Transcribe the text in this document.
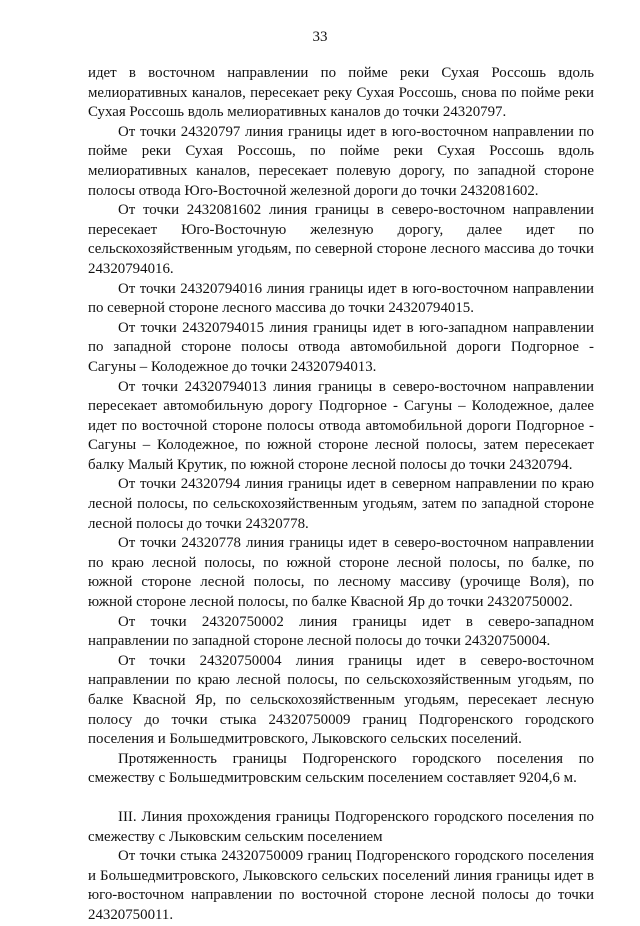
33

идет в восточном направлении по пойме реки Сухая Россошь вдоль мелиоративных каналов, пересекает реку Сухая Россошь, снова по пойме реки Сухая Россошь вдоль мелиоративных каналов до точки 24320797.

От точки 24320797 линия границы идет в юго-восточном направлении по пойме реки Сухая Россошь, по пойме реки Сухая Россошь вдоль мелиоративных каналов, пересекает полевую дорогу, по западной стороне полосы отвода Юго-Восточной железной дороги до точки 2432081602.

От точки 2432081602 линия границы в северо-восточном направлении пересекает Юго-Восточную железную дорогу, далее идет по сельскохозяйственным угодьям, по северной стороне лесного массива до точки 24320794016.

От точки 24320794016 линия границы идет в юго-восточном направлении по северной стороне лесного массива до точки 24320794015.

От точки 24320794015 линия границы идет в юго-западном направлении по западной стороне полосы отвода автомобильной дороги Подгорное - Сагуны – Колодежное до точки 24320794013.

От точки 24320794013 линия границы в северо-восточном направлении пересекает автомобильную дорогу Подгорное - Сагуны – Колодежное, далее идет по восточной стороне полосы отвода автомобильной дороги Подгорное - Сагуны – Колодежное, по южной стороне лесной полосы, затем пересекает балку Малый Крутик, по южной стороне лесной полосы до точки 24320794.

От точки 24320794 линия границы идет в северном направлении по краю лесной полосы, по сельскохозяйственным угодьям, затем по западной стороне лесной полосы до точки 24320778.

От точки 24320778 линия границы идет в северо-восточном направлении по краю лесной полосы, по южной стороне лесной полосы, по балке, по южной стороне лесной полосы, по лесному массиву (урочище Воля), по южной стороне лесной полосы, по балке Квасной Яр до точки 24320750002.

От точки 24320750002 линия границы идет в северо-западном направлении по западной стороне лесной полосы до точки 24320750004.

От точки 24320750004 линия границы идет в северо-восточном направлении по краю лесной полосы, по сельскохозяйственным угодьям, по балке Квасной Яр, по сельскохозяйственным угодьям, пересекает лесную полосу до точки стыка 24320750009 границ Подгоренского городского поселения и Большедмитровского, Лыковского сельских поселений.

Протяженность границы Подгоренского городского поселения по смежеству с Большедмитровским сельским поселением составляет 9204,6 м.

III. Линия прохождения границы Подгоренского городского поселения по смежеству с Лыковским сельским поселением

От точки стыка 24320750009 границ Подгоренского городского поселения и Большедмитровского, Лыковского сельских поселений линия границы идет в юго-восточном направлении по восточной стороне лесной полосы до точки 24320750011.
